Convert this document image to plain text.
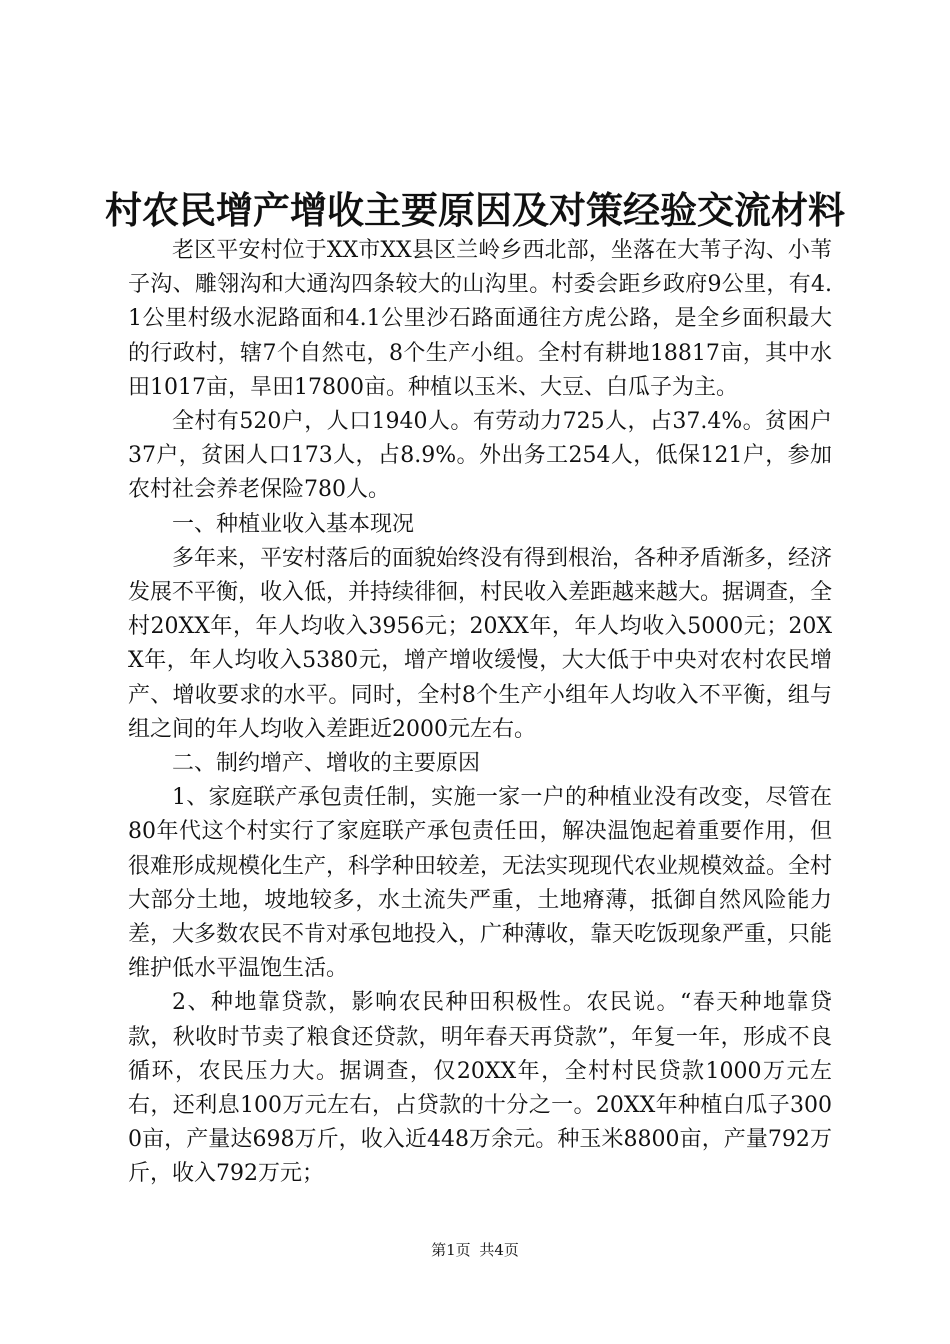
村农民增产增收主要原因及对策经验交流材料

老区平安村位于XX市XX县区兰岭乡西北部，坐落在大苇子沟、小苇子沟、雕翎沟和大通沟四条较大的山沟里。村委会距乡政府9公里，有4.1公里村级水泥路面和4.1公里沙石路面通往方虎公路，是全乡面积最大的行政村，辖7个自然屯，8个生产小组。全村有耕地18817亩，其中水田1017亩，旱田17800亩。种植以玉米、大豆、白瓜子为主。

全村有520户，人口1940人。有劳动力725人，占37.4%。贫困户37户，贫困人口173人，占8.9%。外出务工254人，低保121户，参加农村社会养老保险780人。

一、种植业收入基本现况

多年来，平安村落后的面貌始终没有得到根治，各种矛盾渐多，经济发展不平衡，收入低，并持续徘徊，村民收入差距越来越大。据调查，全村20XX年，年人均收入3956元；20XX年，年人均收入5000元；20XX年，年人均收入5380元，增产增收缓慢，大大低于中央对农村农民增产、增收要求的水平。同时，全村8个生产小组年人均收入不平衡，组与组之间的年人均收入差距近2000元左右。

二、制约增产、增收的主要原因

1、家庭联产承包责任制，实施一家一户的种植业没有改变，尽管在80年代这个村实行了家庭联产承包责任田，解决温饱起着重要作用，但很难形成规模化生产，科学种田较差，无法实现现代农业规模效益。全村大部分土地，坡地较多，水土流失严重，土地瘠薄，抵御自然风险能力差，大多数农民不肯对承包地投入，广种薄收，靠天吃饭现象严重，只能维护低水平温饱生活。

2、种地靠贷款，影响农民种田积极性。农民说。“春天种地靠贷款，秋收时节卖了粮食还贷款，明年春天再贷款”，年复一年，形成不良循环，农民压力大。据调查，仅20XX年，全村村民贷款1000万元左右，还利息100万元左右，占贷款的十分之一。20XX年种植白瓜子3000亩，产量达698万斤，收入近448万余元。种玉米8800亩，产量792万斤，收入792万元；

第1页 共4页
